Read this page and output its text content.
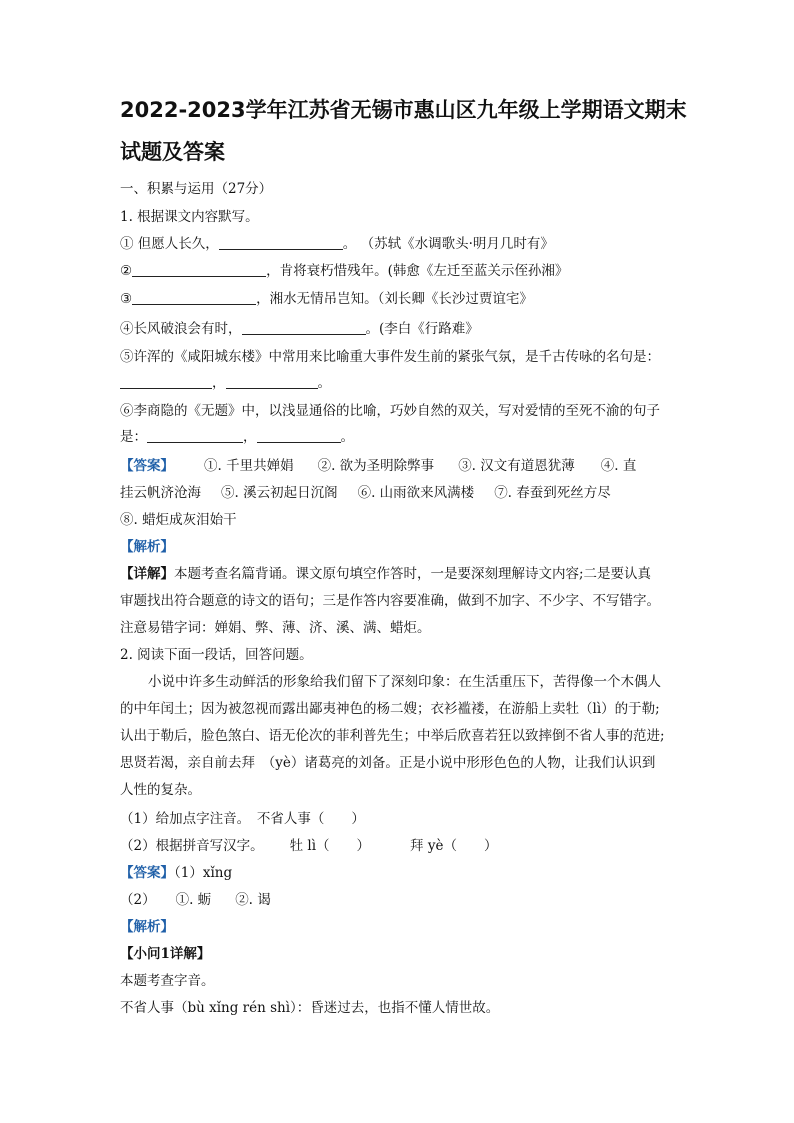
2022-2023学年江苏省无锡市惠山区九年级上学期语文期末
试题及答案
一、积累与运用（27分）
1. 根据课文内容默写。
① 但愿人长久，	。 （苏轼《水调歌头·明月几时有》
②	，肯将衰朽惜残年。(韩愈《左迁至蓝关示侄孙湘》
③	，湘水无情吊岂知。（刘长卿《长沙过贾谊宅》
④长风破浪会有时，	。(李白《行路难》
⑤许浑的《咸阳城东楼》中常用来比喻重大事件发生前的紧张气氛，是千古传咏的名句是：
，	。
⑥李商隐的《无题》中，以浅显通俗的比喻，巧妙自然的双关，写对爱情的至死不渝的句子
是：	，	。
【答案】 ①. 千里共婵娟 ②. 欲为圣明除弊事 ③. 汉文有道恩犹薄 ④. 直
挂云帆济沧海 ⑤. 溪云初起日沉阁 ⑥. 山雨欲来风满楼 ⑦. 春蚕到死丝方尽
⑧. 蜡炬成灰泪始干
【解析】
【详解】本题考查名篇背诵。课文原句填空作答时，一是要深刻理解诗文内容;二是要认真
审题找出符合题意的诗文的语句；三是作答内容要准确，做到不加字、不少字、不写错字。
注意易错字词：婵娟、弊、薄、济、溪、满、蜡炬。
2. 阅读下面一段话，回答问题。
小说中许多生动鲜活的形象给我们留下了深刻印象：在生活重压下，苦得像一个木偶人
的中年闰土；因为被忽视而露出鄙夷神色的杨二嫂；衣衫褴褛，在游船上卖牡（lì）的于勒;
认出于勒后，脸色煞白、语无伦次的菲利普先生；中举后欣喜若狂以致摔倒不省人事的范进;
思贤若渴，亲自前去拜　（yè）诸葛亮的刘备。正是小说中形形色色的人物，让我们认识到
人性的复杂。
（1）给加点字注音。　不省人事（　　）
（2）根据拼音写汉字。 牡 lì（　　）	拜 yè（　　）
【答案】（1）xǐng
（2） ①. 蛎 ②. 谒
【解析】
【小问1详解】
本题考查字音。
不省人事（bù xǐng rén shì）：昏迷过去，也指不懂人情世故。
